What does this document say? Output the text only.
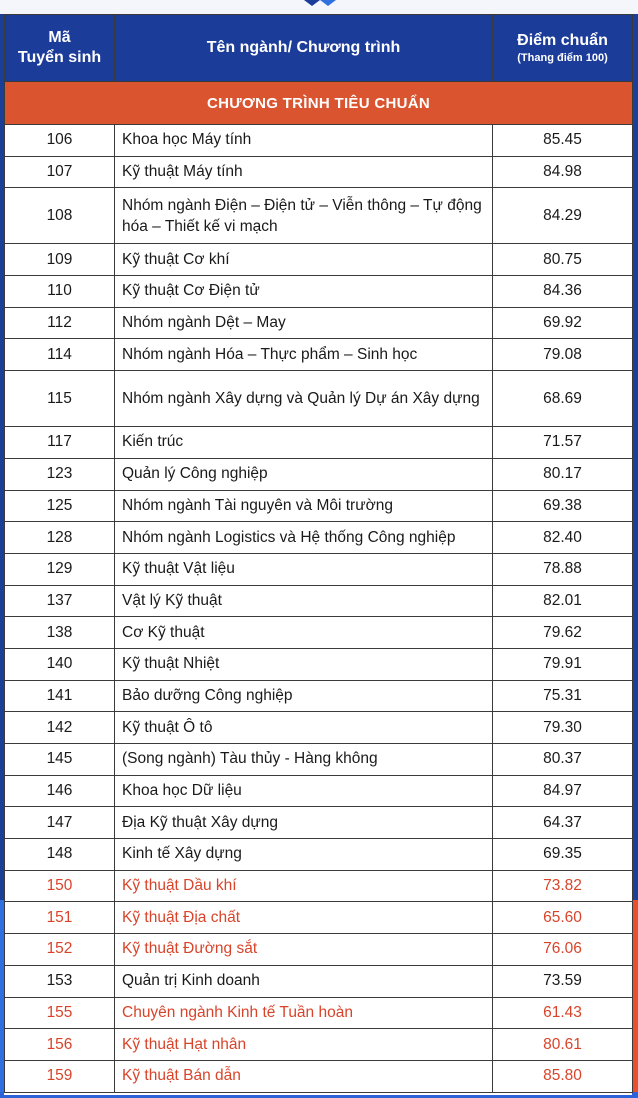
Mã
Tuyển sinh	Tên ngành/ Chương trình	Điểm chuẩn
(Thang điểm 100)

CHƯƠNG TRÌNH TIÊU CHUẨN		
106	Khoa học Máy tính	85.45
107	Kỹ thuật Máy tính	84.98
108	Nhóm ngành Điện – Điện tử – Viễn thông – Tự động hóa – Thiết kế vi mạch	84.29
109	Kỹ thuật Cơ khí	80.75
110	Kỹ thuật Cơ Điện tử	84.36
112	Nhóm ngành Dệt – May	69.92
114	Nhóm ngành Hóa – Thực phẩm – Sinh học	79.08
115	Nhóm ngành Xây dựng và Quản lý Dự án Xây dựng	68.69
117	Kiến trúc	71.57
123	Quản lý Công nghiệp	80.17
125	Nhóm ngành Tài nguyên và Môi trường	69.38
128	Nhóm ngành Logistics và Hệ thống Công nghiệp	82.40
129	Kỹ thuật Vật liệu	78.88
137	Vật lý Kỹ thuật	82.01
138	Cơ Kỹ thuật	79.62
140	Kỹ thuật Nhiệt	79.91
141	Bảo dưỡng Công nghiệp	75.31
142	Kỹ thuật Ô tô	79.30
145	(Song ngành) Tàu thủy - Hàng không	80.37
146	Khoa học Dữ liệu	84.97
147	Địa Kỹ thuật Xây dựng	64.37
148	Kinh tế Xây dựng	69.35
150	Kỹ thuật Dầu khí	73.82
151	Kỹ thuật Địa chất	65.60
152	Kỹ thuật Đường sắt	76.06
153	Quản trị Kinh doanh	73.59
155	Chuyên ngành Kinh tế Tuần hoàn	61.43
156	Kỹ thuật Hạt nhân	80.61
159	Kỹ thuật Bán dẫn	85.80
